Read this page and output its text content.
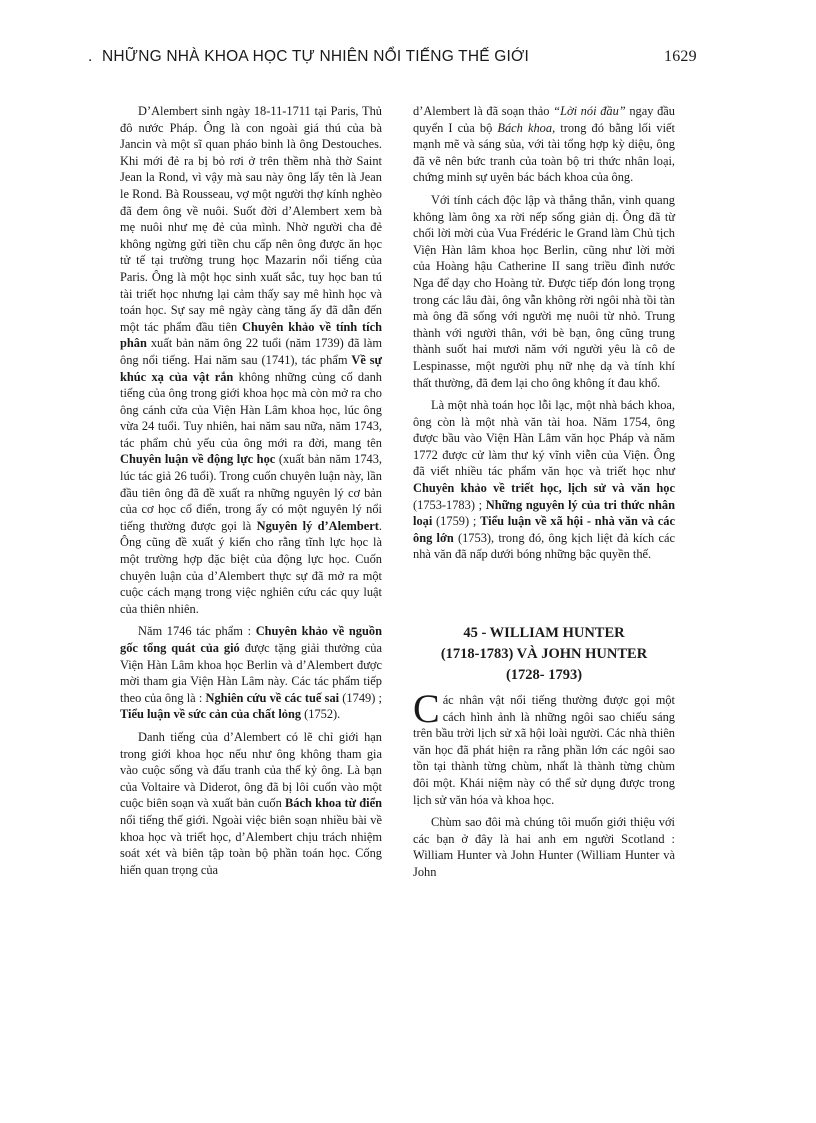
. NHỮNG NHÀ KHOA HỌC TỰ NHIÊN NỔI TIẾNG THẾ GIỚI	1629

D’Alembert sinh ngày 18-11-1711 tại Paris, Thủ đô nước Pháp. Ông là con ngoài giá thú của bà Jancin và một sĩ quan pháo binh là ông Destouches. Khi mới đẻ ra bị bỏ rơi ở trên thềm nhà thờ Saint Jean la Rond, vì vậy mà sau này ông lấy tên là Jean le Rond. Bà Rousseau, vợ một người thợ kính nghèo đã đem ông về nuôi. Suốt đời d’Alembert xem bà mẹ nuôi như mẹ đẻ của mình. Nhờ người cha đẻ không ngừng gửi tiền chu cấp nên ông được ăn học tử tế tại trường trung học Mazarin nổi tiếng của Paris. Ông là một học sinh xuất sắc, tuy học ban tú tài triết học nhưng lại cảm thấy say mê hình học và toán học. Sự say mê ngày càng tăng ấy đã dẫn đến một tác phẩm đầu tiên Chuyên khảo về tính tích phân xuất bản năm ông 22 tuổi (năm 1739) đã làm ông nổi tiếng. Hai năm sau (1741), tác phẩm Về sự khúc xạ của vật rắn không những củng cố danh tiếng của ông trong giới khoa học mà còn mở ra cho ông cánh cửa của Viện Hàn Lâm khoa học, lúc ông vừa 24 tuổi. Tuy nhiên, hai năm sau nữa, năm 1743, tác phẩm chủ yếu của ông mới ra đời, mang tên Chuyên luận về động lực học (xuất bản năm 1743, lúc tác giả 26 tuổi). Trong cuốn chuyên luận này, lần đầu tiên ông đã đề xuất ra những nguyên lý cơ bản của cơ học cổ điển, trong ấy có một nguyên lý nổi tiếng thường được gọi là Nguyên lý d’Alembert. Ông cũng đề xuất ý kiến cho rằng tĩnh lực học là một trường hợp đặc biệt của động lực học. Cuốn chuyên luận của d’Alembert thực sự đã mở ra một cuộc cách mạng trong việc nghiên cứu các quy luật của thiên nhiên.

Năm 1746 tác phẩm : Chuyên khảo về nguồn gốc tổng quát của gió được tặng giải thưởng của Viện Hàn Lâm khoa học Berlin và d’Alembert được mời tham gia Viện Hàn Lâm này. Các tác phẩm tiếp theo của ông là : Nghiên cứu về các tuế sai (1749) ; Tiểu luận về sức cản của chất lỏng (1752).

Danh tiếng của d’Alembert có lẽ chỉ giới hạn trong giới khoa học nếu như ông không tham gia vào cuộc sống và đấu tranh của thế kỷ ông. Là bạn của Voltaire và Diderot, ông đã bị lôi cuốn vào một cuộc biên soạn và xuất bản cuốn Bách khoa từ điển nổi tiếng thế giới. Ngoài việc biên soạn nhiều bài về khoa học và triết học, d’Alembert chịu trách nhiệm soát xét và biên tập toàn bộ phần toán học. Cống hiến quan trọng của

d’Alembert là đã soạn thảo “Lời nói đầu” ngay đầu quyển I của bộ Bách khoa, trong đó bằng lối viết mạnh mẽ và sáng sủa, với tài tổng hợp kỳ diệu, ông đã vẽ nên bức tranh của toàn bộ tri thức nhân loại, chứng minh sự uyên bác bách khoa của ông.

Với tính cách độc lập và thẳng thắn, vinh quang không làm ông xa rời nếp sống giản dị. Ông đã từ chối lời mời của Vua Frédéric le Grand làm Chủ tịch Viện Hàn lâm khoa học Berlin, cũng như lời mời của Hoàng hậu Catherine II sang triều đình nước Nga để dạy cho Hoàng tử. Được tiếp đón long trọng trong các lâu đài, ông vẫn không rời ngôi nhà tồi tàn mà ông đã sống với người mẹ nuôi từ nhỏ. Trung thành với người thân, với bè bạn, ông cũng trung thành suốt hai mươi năm với người yêu là cô de Lespinasse, một người phụ nữ nhẹ dạ và tính khí thất thường, đã đem lại cho ông không ít đau khổ.

Là một nhà toán học lỗi lạc, một nhà bách khoa, ông còn là một nhà văn tài hoa. Năm 1754, ông được bầu vào Viện Hàn Lâm văn học Pháp và năm 1772 được cử làm thư ký vĩnh viễn của Viện. Ông đã viết nhiều tác phẩm văn học và triết học như Chuyên khảo về triết học, lịch sử và văn học (1753-1783) ; Những nguyên lý của tri thức nhân loại (1759) ; Tiểu luận về xã hội - nhà văn và các ông lớn (1753), trong đó, ông kịch liệt đả kích các nhà văn đã nấp dưới bóng những bậc quyền thế.

45 - WILLIAM HUNTER
(1718-1783) VÀ JOHN HUNTER
(1728- 1793)

Các nhân vật nổi tiếng thường được gọi một cách hình ảnh là những ngôi sao chiếu sáng trên bầu trời lịch sử xã hội loài người. Các nhà thiên văn học đã phát hiện ra rằng phần lớn các ngôi sao tồn tại thành từng chùm, nhất là thành từng chùm đôi một. Khái niệm này có thể sử dụng được trong lịch sử văn hóa và khoa học.

Chùm sao đôi mà chúng tôi muốn giới thiệu với các bạn ở đây là hai anh em người Scotland : William Hunter và John Hunter (William Hunter và John
